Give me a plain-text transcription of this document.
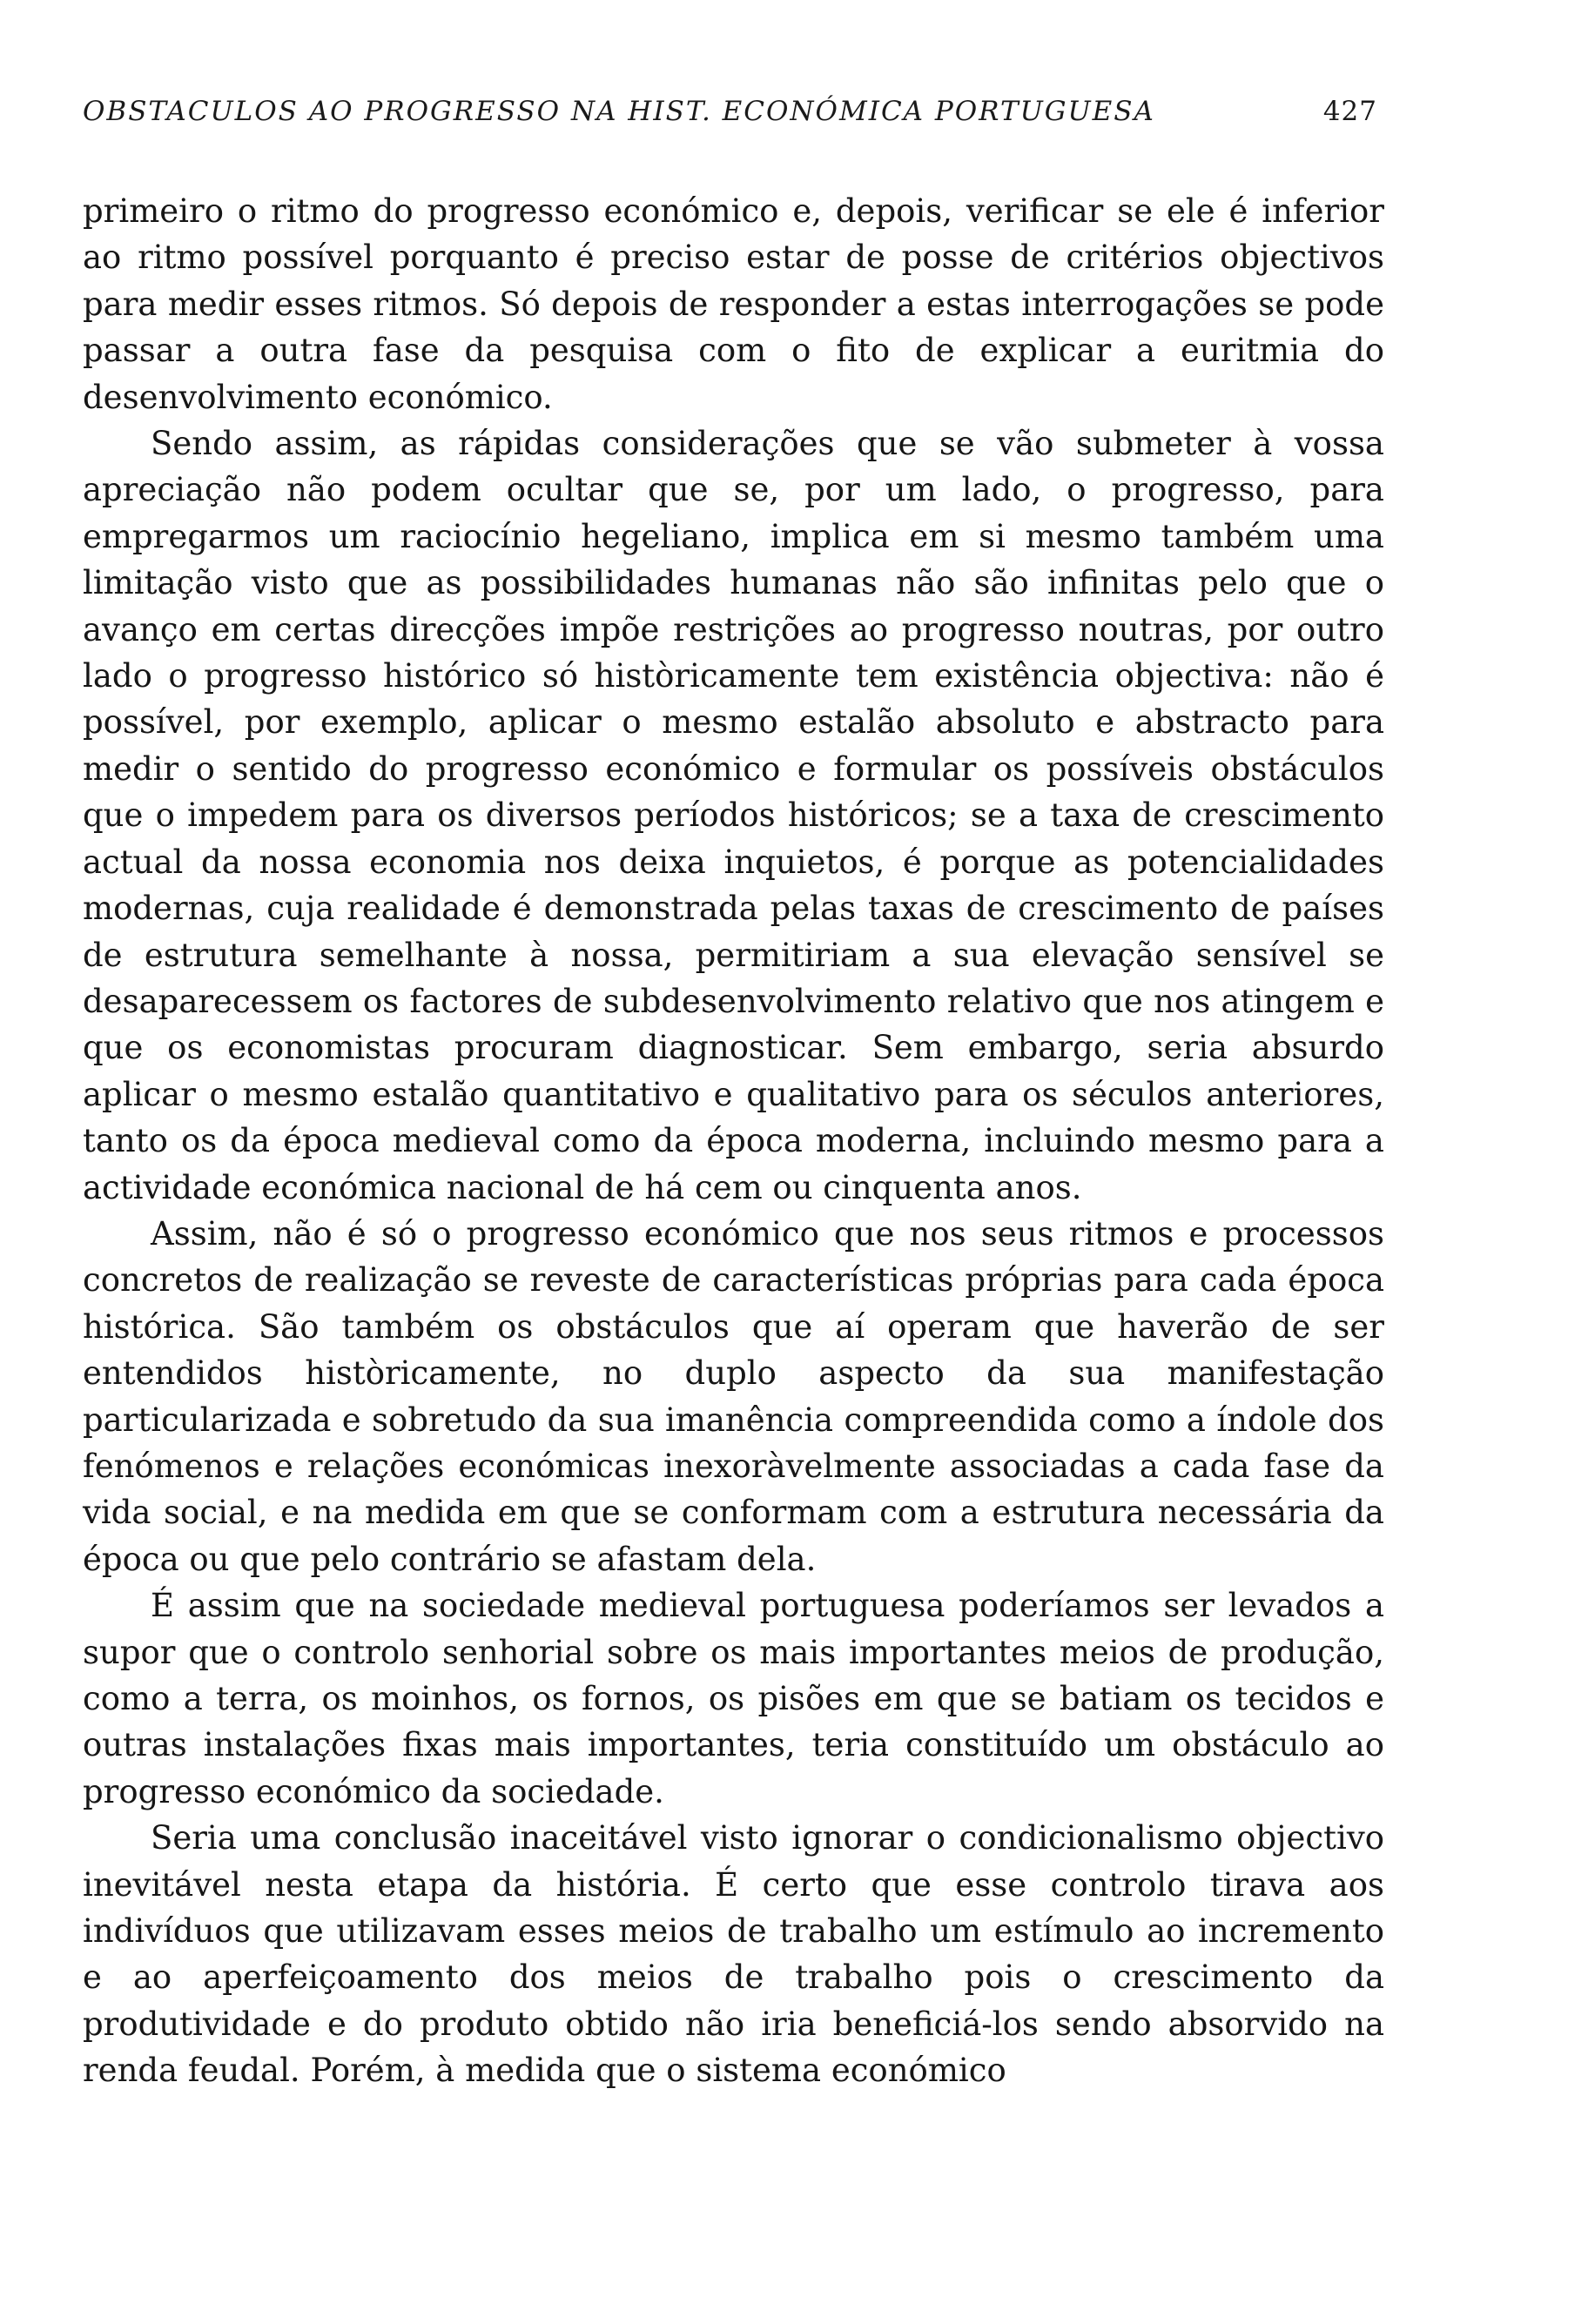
OBSTACULOS AO PROGRESSO NA HIST. ECONÓMICA PORTUGUESA	427

primeiro o ritmo do progresso económico e, depois, verificar se ele é inferior ao ritmo possível porquanto é preciso estar de posse de critérios objectivos para medir esses ritmos. Só depois de responder a estas interrogações se pode passar a outra fase da pesquisa com o fito de explicar a euritmia do desenvolvimento económico.

Sendo assim, as rápidas considerações que se vão submeter à vossa apreciação não podem ocultar que se, por um lado, o progresso, para empregarmos um raciocínio hegeliano, implica em si mesmo também uma limitação visto que as possibilidades humanas não são infinitas pelo que o avanço em certas direcções impõe restrições ao progresso noutras, por outro lado o progresso histórico só històricamente tem existência objectiva: não é possível, por exemplo, aplicar o mesmo estalão absoluto e abstracto para medir o sentido do progresso económico e formular os possíveis obstáculos que o impedem para os diversos períodos históricos; se a taxa de crescimento actual da nossa economia nos deixa inquietos, é porque as potencialidades modernas, cuja realidade é demonstrada pelas taxas de crescimento de países de estrutura semelhante à nossa, permitiriam a sua elevação sensível se desaparecessem os factores de subdesenvolvimento relativo que nos atingem e que os economistas procuram diagnosticar. Sem embargo, seria absurdo aplicar o mesmo estalão quantitativo e qualitativo para os séculos anteriores, tanto os da época medieval como da época moderna, incluindo mesmo para a actividade económica nacional de há cem ou cinquenta anos.

Assim, não é só o progresso económico que nos seus ritmos e processos concretos de realização se reveste de características próprias para cada época histórica. São também os obstáculos que aí operam que haverão de ser entendidos històricamente, no duplo aspecto da sua manifestação particularizada e sobretudo da sua imanência compreendida como a índole dos fenómenos e relações económicas inexoràvelmente associadas a cada fase da vida social, e na medida em que se conformam com a estrutura necessária da época ou que pelo contrário se afastam dela.

É assim que na sociedade medieval portuguesa poderíamos ser levados a supor que o controlo senhorial sobre os mais importantes meios de produção, como a terra, os moinhos, os fornos, os pisões em que se batiam os tecidos e outras instalações fixas mais importantes, teria constituído um obstáculo ao progresso económico da sociedade.

Seria uma conclusão inaceitável visto ignorar o condicionalismo objectivo inevitável nesta etapa da história. É certo que esse controlo tirava aos indivíduos que utilizavam esses meios de trabalho um estímulo ao incremento e ao aperfeiçoamento dos meios de trabalho pois o crescimento da produtividade e do produto obtido não iria beneficiá-los sendo absorvido na renda feudal. Porém, à medida que o sistema económico
